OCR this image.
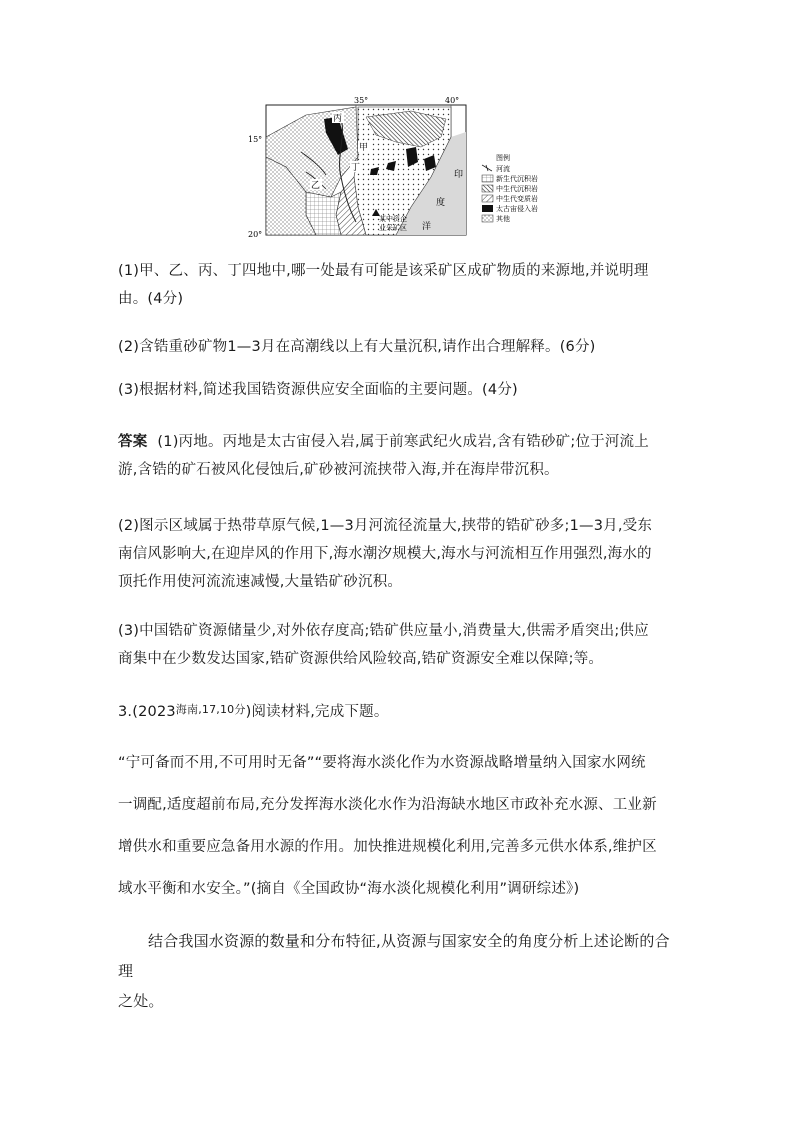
35°	40°
15°
20°
丙
甲
乙
丁
印
度
洋
某中资企
业采矿区
图例
河流
新生代沉积岩
中生代沉积岩
中生代变质岩
太古宙侵入岩
其他
(1)甲、乙、丙、丁四地中,哪一处最有可能是该采矿区成矿物质的来源地,并说明理
由。(4分)
(2)含锆重砂矿物1—3月在高潮线以上有大量沉积,请作出合理解释。(6分)
(3)根据材料,简述我国锆资源供应安全面临的主要问题。(4分)
答案 (1)丙地。丙地是太古宙侵入岩,属于前寒武纪火成岩,含有锆砂矿;位于河流上
游,含锆的矿石被风化侵蚀后,矿砂被河流挟带入海,并在海岸带沉积。
(2)图示区域属于热带草原气候,1—3月河流径流量大,挟带的锆矿砂多;1—3月,受东
南信风影响大,在迎岸风的作用下,海水潮汐规模大,海水与河流相互作用强烈,海水的
顶托作用使河流流速减慢,大量锆矿砂沉积。
(3)中国锆矿资源储量少,对外依存度高;锆矿供应量小,消费量大,供需矛盾突出;供应
商集中在少数发达国家,锆矿资源供给风险较高,锆矿资源安全难以保障;等。
$3.(2023^{海南,17,10分})$阅读材料,完成下题。
“宁可备而不用,不可用时无备”“要将海水淡化作为水资源战略增量纳入国家水网统
一调配,适度超前布局,充分发挥海水淡化水作为沿海缺水地区市政补充水源、工业新
增供水和重要应急备用水源的作用。加快推进规模化利用,完善多元供水体系,维护区
域水平衡和水安全。”(摘自《全国政协“海水淡化规模化利用”调研综述》)
结合我国水资源的数量和分布特征,从资源与国家安全的角度分析上述论断的合理
之处。
